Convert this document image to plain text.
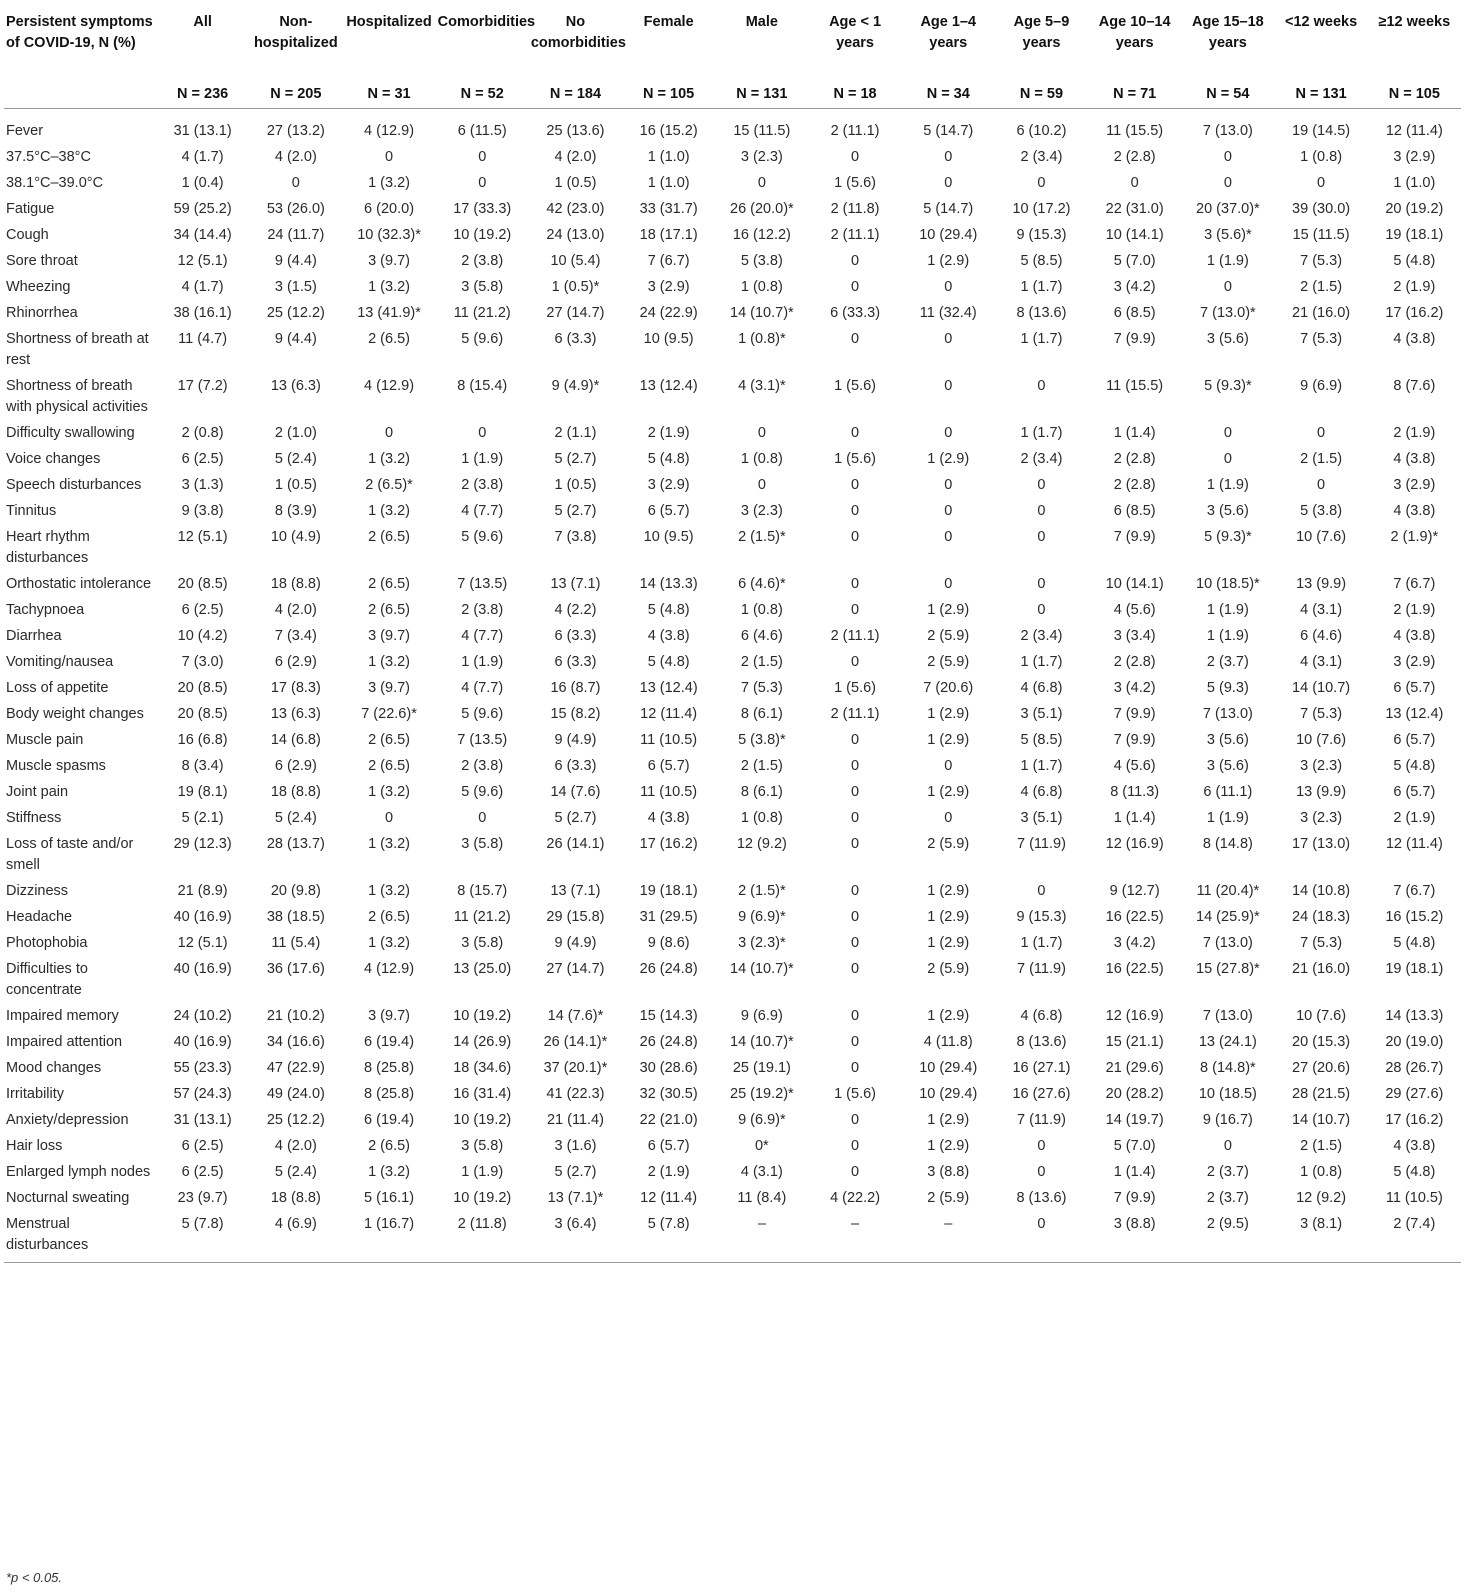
Persistent symptoms of COVID-19, N (%)	All	Non-hospitalized	Hospitalized	Comorbidities	No comorbidities	Female	Male	Age < 1 years	Age 1–4 years	Age 5–9 years	Age 10–14 years	Age 15–18 years	<12 weeks	≥12 weeks
	N = 236	N = 205	N = 31	N = 52	N = 184	N = 105	N = 131	N = 18	N = 34	N = 59	N = 71	N = 54	N = 131	N = 105
Fever	31 (13.1)	27 (13.2)	4 (12.9)	6 (11.5)	25 (13.6)	16 (15.2)	15 (11.5)	2 (11.1)	5 (14.7)	6 (10.2)	11 (15.5)	7 (13.0)	19 (14.5)	12 (11.4)
37.5°C–38°C	4 (1.7)	4 (2.0)	0	0	4 (2.0)	1 (1.0)	3 (2.3)	0	0	2 (3.4)	2 (2.8)	0	1 (0.8)	3 (2.9)
38.1°C–39.0°C	1 (0.4)	0	1 (3.2)	0	1 (0.5)	1 (1.0)	0	1 (5.6)	0	0	0	0	0	1 (1.0)
Fatigue	59 (25.2)	53 (26.0)	6 (20.0)	17 (33.3)	42 (23.0)	33 (31.7)	26 (20.0)*	2 (11.8)	5 (14.7)	10 (17.2)	22 (31.0)	20 (37.0)*	39 (30.0)	20 (19.2)
Cough	34 (14.4)	24 (11.7)	10 (32.3)*	10 (19.2)	24 (13.0)	18 (17.1)	16 (12.2)	2 (11.1)	10 (29.4)	9 (15.3)	10 (14.1)	3 (5.6)*	15 (11.5)	19 (18.1)
Sore throat	12 (5.1)	9 (4.4)	3 (9.7)	2 (3.8)	10 (5.4)	7 (6.7)	5 (3.8)	0	1 (2.9)	5 (8.5)	5 (7.0)	1 (1.9)	7 (5.3)	5 (4.8)
Wheezing	4 (1.7)	3 (1.5)	1 (3.2)	3 (5.8)	1 (0.5)*	3 (2.9)	1 (0.8)	0	0	1 (1.7)	3 (4.2)	0	2 (1.5)	2 (1.9)
Rhinorrhea	38 (16.1)	25 (12.2)	13 (41.9)*	11 (21.2)	27 (14.7)	24 (22.9)	14 (10.7)*	6 (33.3)	11 (32.4)	8 (13.6)	6 (8.5)	7 (13.0)*	21 (16.0)	17 (16.2)
Shortness of breath at rest	11 (4.7)	9 (4.4)	2 (6.5)	5 (9.6)	6 (3.3)	10 (9.5)	1 (0.8)*	0	0	1 (1.7)	7 (9.9)	3 (5.6)	7 (5.3)	4 (3.8)
Shortness of breath with physical activities	17 (7.2)	13 (6.3)	4 (12.9)	8 (15.4)	9 (4.9)*	13 (12.4)	4 (3.1)*	1 (5.6)	0	0	11 (15.5)	5 (9.3)*	9 (6.9)	8 (7.6)
Difficulty swallowing	2 (0.8)	2 (1.0)	0	0	2 (1.1)	2 (1.9)	0	0	0	1 (1.7)	1 (1.4)	0	0	2 (1.9)
Voice changes	6 (2.5)	5 (2.4)	1 (3.2)	1 (1.9)	5 (2.7)	5 (4.8)	1 (0.8)	1 (5.6)	1 (2.9)	2 (3.4)	2 (2.8)	0	2 (1.5)	4 (3.8)
Speech disturbances	3 (1.3)	1 (0.5)	2 (6.5)*	2 (3.8)	1 (0.5)	3 (2.9)	0	0	0	0	2 (2.8)	1 (1.9)	0	3 (2.9)
Tinnitus	9 (3.8)	8 (3.9)	1 (3.2)	4 (7.7)	5 (2.7)	6 (5.7)	3 (2.3)	0	0	0	6 (8.5)	3 (5.6)	5 (3.8)	4 (3.8)
Heart rhythm disturbances	12 (5.1)	10 (4.9)	2 (6.5)	5 (9.6)	7 (3.8)	10 (9.5)	2 (1.5)*	0	0	0	7 (9.9)	5 (9.3)*	10 (7.6)	2 (1.9)*
Orthostatic intolerance	20 (8.5)	18 (8.8)	2 (6.5)	7 (13.5)	13 (7.1)	14 (13.3)	6 (4.6)*	0	0	0	10 (14.1)	10 (18.5)*	13 (9.9)	7 (6.7)
Tachypnoea	6 (2.5)	4 (2.0)	2 (6.5)	2 (3.8)	4 (2.2)	5 (4.8)	1 (0.8)	0	1 (2.9)	0	4 (5.6)	1 (1.9)	4 (3.1)	2 (1.9)
Diarrhea	10 (4.2)	7 (3.4)	3 (9.7)	4 (7.7)	6 (3.3)	4 (3.8)	6 (4.6)	2 (11.1)	2 (5.9)	2 (3.4)	3 (3.4)	1 (1.9)	6 (4.6)	4 (3.8)
Vomiting/nausea	7 (3.0)	6 (2.9)	1 (3.2)	1 (1.9)	6 (3.3)	5 (4.8)	2 (1.5)	0	2 (5.9)	1 (1.7)	2 (2.8)	2 (3.7)	4 (3.1)	3 (2.9)
Loss of appetite	20 (8.5)	17 (8.3)	3 (9.7)	4 (7.7)	16 (8.7)	13 (12.4)	7 (5.3)	1 (5.6)	7 (20.6)	4 (6.8)	3 (4.2)	5 (9.3)	14 (10.7)	6 (5.7)
Body weight changes	20 (8.5)	13 (6.3)	7 (22.6)*	5 (9.6)	15 (8.2)	12 (11.4)	8 (6.1)	2 (11.1)	1 (2.9)	3 (5.1)	7 (9.9)	7 (13.0)	7 (5.3)	13 (12.4)
Muscle pain	16 (6.8)	14 (6.8)	2 (6.5)	7 (13.5)	9 (4.9)	11 (10.5)	5 (3.8)*	0	1 (2.9)	5 (8.5)	7 (9.9)	3 (5.6)	10 (7.6)	6 (5.7)
Muscle spasms	8 (3.4)	6 (2.9)	2 (6.5)	2 (3.8)	6 (3.3)	6 (5.7)	2 (1.5)	0	0	1 (1.7)	4 (5.6)	3 (5.6)	3 (2.3)	5 (4.8)
Joint pain	19 (8.1)	18 (8.8)	1 (3.2)	5 (9.6)	14 (7.6)	11 (10.5)	8 (6.1)	0	1 (2.9)	4 (6.8)	8 (11.3)	6 (11.1)	13 (9.9)	6 (5.7)
Stiffness	5 (2.1)	5 (2.4)	0	0	5 (2.7)	4 (3.8)	1 (0.8)	0	0	3 (5.1)	1 (1.4)	1 (1.9)	3 (2.3)	2 (1.9)
Loss of taste and/or smell	29 (12.3)	28 (13.7)	1 (3.2)	3 (5.8)	26 (14.1)	17 (16.2)	12 (9.2)	0	2 (5.9)	7 (11.9)	12 (16.9)	8 (14.8)	17 (13.0)	12 (11.4)
Dizziness	21 (8.9)	20 (9.8)	1 (3.2)	8 (15.7)	13 (7.1)	19 (18.1)	2 (1.5)*	0	1 (2.9)	0	9 (12.7)	11 (20.4)*	14 (10.8)	7 (6.7)
Headache	40 (16.9)	38 (18.5)	2 (6.5)	11 (21.2)	29 (15.8)	31 (29.5)	9 (6.9)*	0	1 (2.9)	9 (15.3)	16 (22.5)	14 (25.9)*	24 (18.3)	16 (15.2)
Photophobia	12 (5.1)	11 (5.4)	1 (3.2)	3 (5.8)	9 (4.9)	9 (8.6)	3 (2.3)*	0	1 (2.9)	1 (1.7)	3 (4.2)	7 (13.0)	7 (5.3)	5 (4.8)
Difficulties to concentrate	40 (16.9)	36 (17.6)	4 (12.9)	13 (25.0)	27 (14.7)	26 (24.8)	14 (10.7)*	0	2 (5.9)	7 (11.9)	16 (22.5)	15 (27.8)*	21 (16.0)	19 (18.1)
Impaired memory	24 (10.2)	21 (10.2)	3 (9.7)	10 (19.2)	14 (7.6)*	15 (14.3)	9 (6.9)	0	1 (2.9)	4 (6.8)	12 (16.9)	7 (13.0)	10 (7.6)	14 (13.3)
Impaired attention	40 (16.9)	34 (16.6)	6 (19.4)	14 (26.9)	26 (14.1)*	26 (24.8)	14 (10.7)*	0	4 (11.8)	8 (13.6)	15 (21.1)	13 (24.1)	20 (15.3)	20 (19.0)
Mood changes	55 (23.3)	47 (22.9)	8 (25.8)	18 (34.6)	37 (20.1)*	30 (28.6)	25 (19.1)	0	10 (29.4)	16 (27.1)	21 (29.6)	8 (14.8)*	27 (20.6)	28 (26.7)
Irritability	57 (24.3)	49 (24.0)	8 (25.8)	16 (31.4)	41 (22.3)	32 (30.5)	25 (19.2)*	1 (5.6)	10 (29.4)	16 (27.6)	20 (28.2)	10 (18.5)	28 (21.5)	29 (27.6)
Anxiety/depression	31 (13.1)	25 (12.2)	6 (19.4)	10 (19.2)	21 (11.4)	22 (21.0)	9 (6.9)*	0	1 (2.9)	7 (11.9)	14 (19.7)	9 (16.7)	14 (10.7)	17 (16.2)
Hair loss	6 (2.5)	4 (2.0)	2 (6.5)	3 (5.8)	3 (1.6)	6 (5.7)	0*	0	1 (2.9)	0	5 (7.0)	0	2 (1.5)	4 (3.8)
Enlarged lymph nodes	6 (2.5)	5 (2.4)	1 (3.2)	1 (1.9)	5 (2.7)	2 (1.9)	4 (3.1)	0	3 (8.8)	0	1 (1.4)	2 (3.7)	1 (0.8)	5 (4.8)
Nocturnal sweating	23 (9.7)	18 (8.8)	5 (16.1)	10 (19.2)	13 (7.1)*	12 (11.4)	11 (8.4)	4 (22.2)	2 (5.9)	8 (13.6)	7 (9.9)	2 (3.7)	12 (9.2)	11 (10.5)
Menstrual disturbances	5 (7.8)	4 (6.9)	1 (16.7)	2 (11.8)	3 (6.4)	5 (7.8)	–	–	–	0	3 (8.8)	2 (9.5)	3 (8.1)	2 (7.4)
*p < 0.05.
